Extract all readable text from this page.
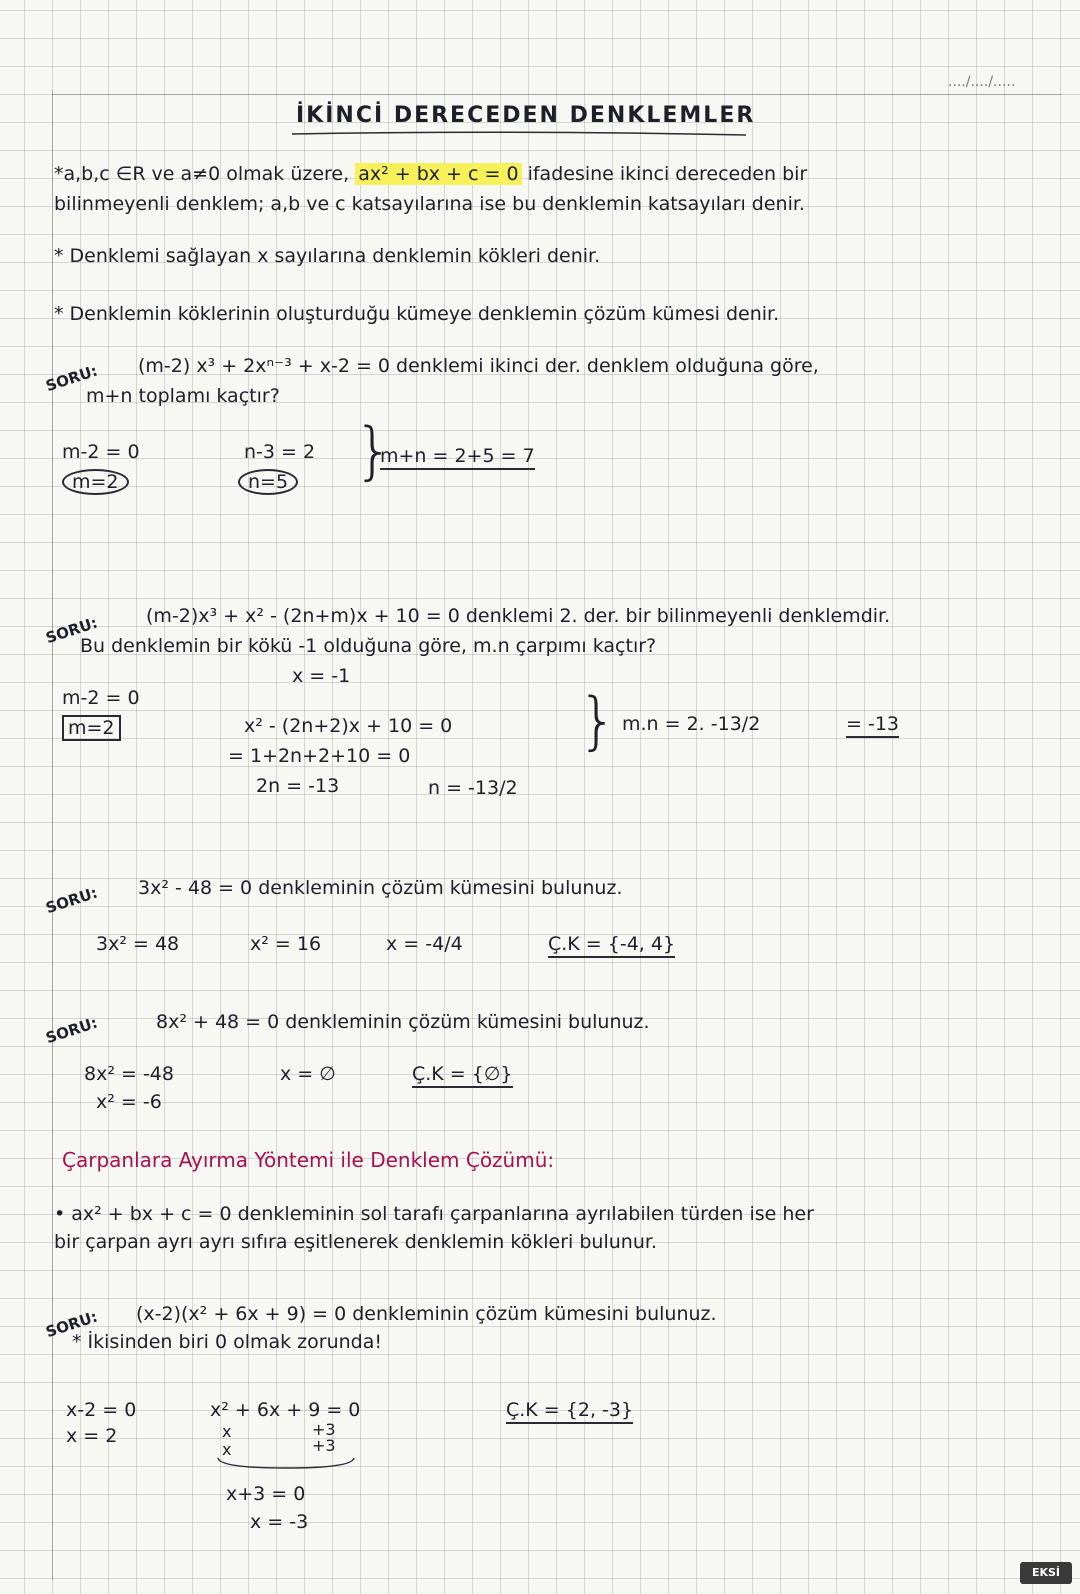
..../..../.....
İKİNCİ DERECEDEN DENKLEMLER
*a,b,c ∈R ve a≠0 olmak üzere, ax² + bx + c = 0 ifadesine ikinci dereceden bir
bilinmeyenli denklem; a,b ve c katsayılarına ise bu denklemin katsayıları denir.
* Denklemi sağlayan x sayılarına denklemin kökleri denir.
* Denklemin köklerinin oluşturduğu kümeye denklemin çözüm kümesi denir.
SORU: (m-2) x³ + 2xⁿ⁻³ + x-2 = 0 denklemi ikinci der. denklem olduğuna göre,
m+n toplamı kaçtır?
m-2 = 0
m=2
n-3 = 2
n=5 }
m+n = 2+5 = 7
SORU: (m-2)x³ + x² - (2n+m)x + 10 = 0 denklemi 2. der. bir bilinmeyenli denklemdir.
Bu denklemin bir kökü -1 olduğuna göre, m.n çarpımı kaçtır?
x = -1
m-2 = 0
m=2	x² - (2n+2)x + 10 = 0
= 1+2n+2+10 = 0
2n = -13	n = -13/2
} m.n = 2. -13/2	= -13
SORU: 3x² - 48 = 0 denkleminin çözüm kümesini bulunuz.
3x² = 48	x² = 16	x = -4/4	Ç.K = {-4, 4}
SORU:	8x² + 48 = 0 denkleminin çözüm kümesini bulunuz.
8x² = -48
x² = -6
x = ∅	Ç.K = {∅}
Çarpanlara Ayırma Yöntemi ile Denklem Çözümü:
• ax² + bx + c = 0 denkleminin sol tarafı çarpanlarına ayrılabilen türden ise her
bir çarpan ayrı ayrı sıfıra eşitlenerek denklemin kökleri bulunur.
SORU: (x-2)(x² + 6x + 9) = 0 denkleminin çözüm kümesini bulunuz.
* İkisinden biri 0 olmak zorunda!
x-2 = 0
x = 2
x² + 6x + 9 = 0
x
x
+3
+3
x+3 = 0
x = -3
Ç.K = {2, -3}
EKSİ
